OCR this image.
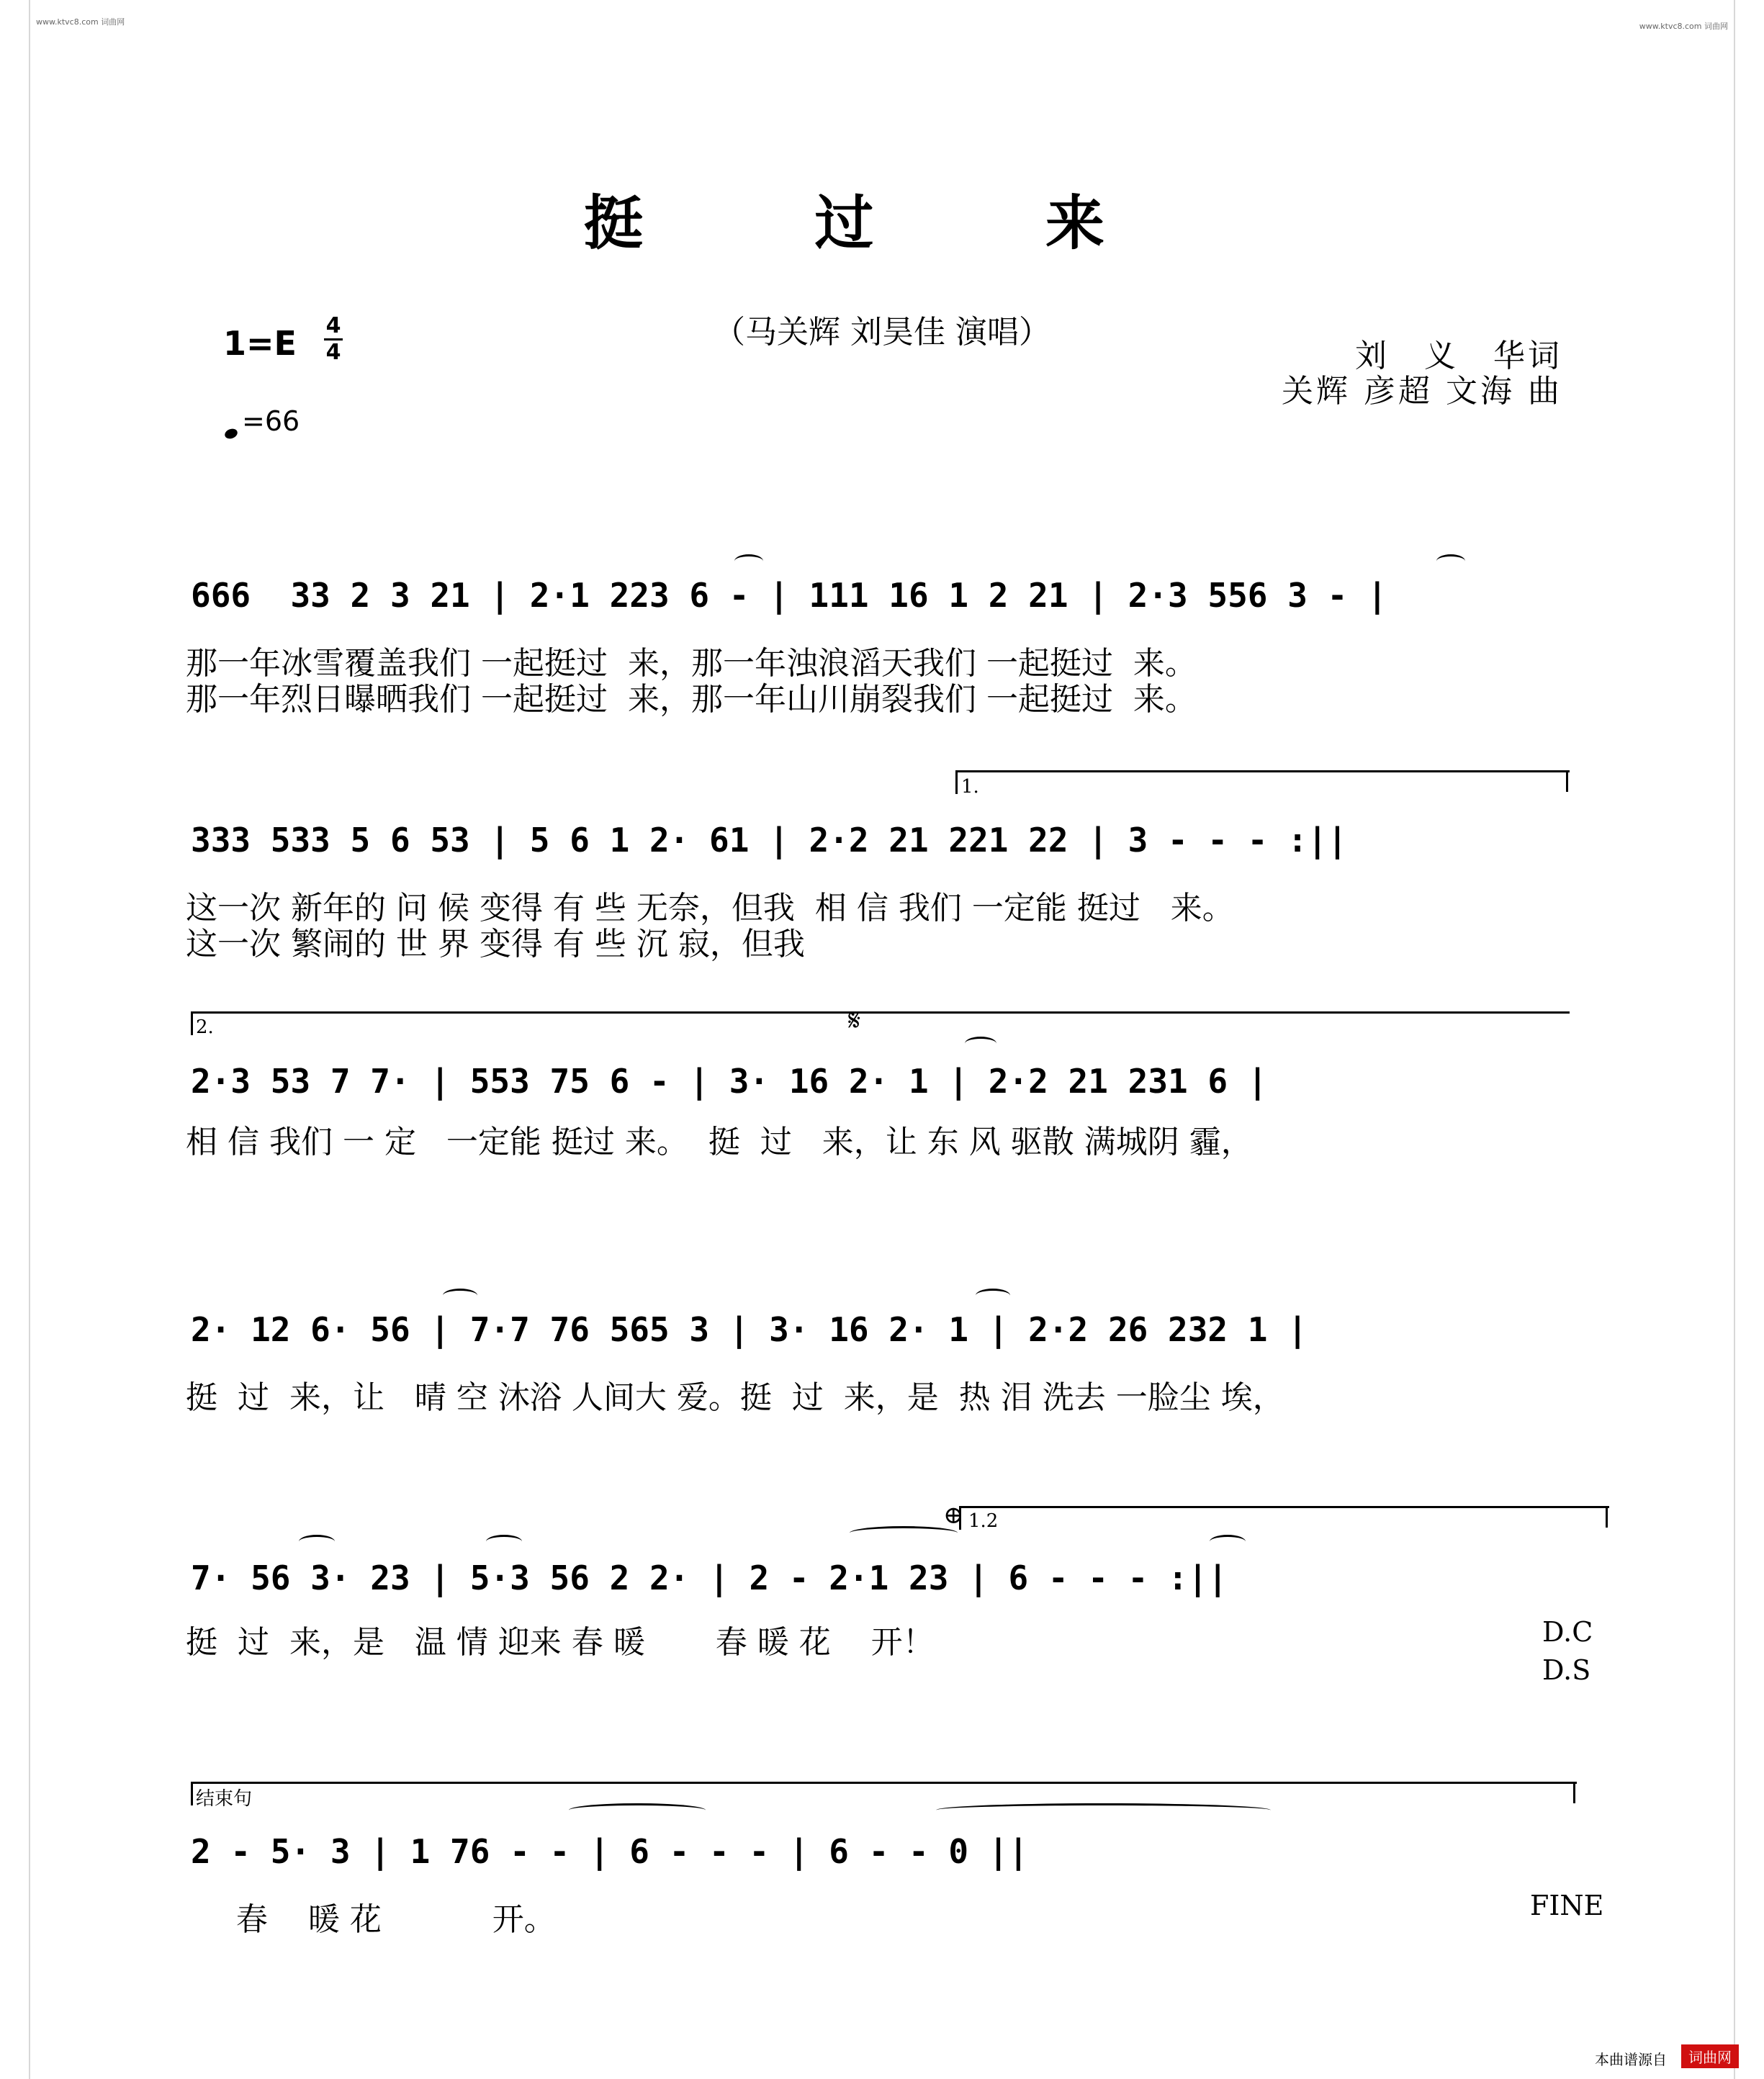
www.ktvc8.com 词曲网	www.ktvc8.com 词曲网
挺 过 来
（马关辉 刘昊佳 演唱）
刘　义　华词
关辉 彦超 文海 曲
1=E 4
4
=66
666  33 2 3 21 | 2·1 223 6 - | 111 16 1 2 21 | 2·3 556 3 - |
那一年冰雪覆盖我们 一起挺过  来，那一年浊浪滔天我们 一起挺过  来。
那一年烈日曝晒我们 一起挺过  来，那一年山川崩裂我们 一起挺过  来。
1.
333 533 5 6 53 | 5 6 1 2· 61 | 2·2 21 221 22 | 3 - - - :||
这一次 新年的 问 候 变得 有 些 无奈，但我  相 信 我们 一定能 挺过   来。
这一次 繁闹的 世 界 变得 有 些 沉 寂，但我
2.	𝄋
2·3 53 7 7· | 553 75 6 - | 3· 16 2· 1 | 2·2 21 231 6 |
相 信 我们 一 定   一定能 挺过 来。  挺  过   来，让 东 风 驱散 满城阴 霾，
2· 12 6· 56 | 7·7 76 565 3 | 3· 16 2· 1 | 2·2 26 232 1 |
挺  过  来，让   晴 空 沐浴 人间大 爱。挺  过  来，是  热 泪 洗去 一脸尘 埃，
⊕ 1.2
7· 56 3· 23 | 5·3 56 2 2· | 2 - 2·1 23 | 6 - - - :||
挺  过  来，是   温 情 迎来 春 暖       春 暖 花    开！	D.C
D.S
结束句
2 - 5· 3 | 1 76 - - | 6 - - - | 6 - - 0 ||
春    暖 花           开。	FINE
本曲谱源自	词曲网
